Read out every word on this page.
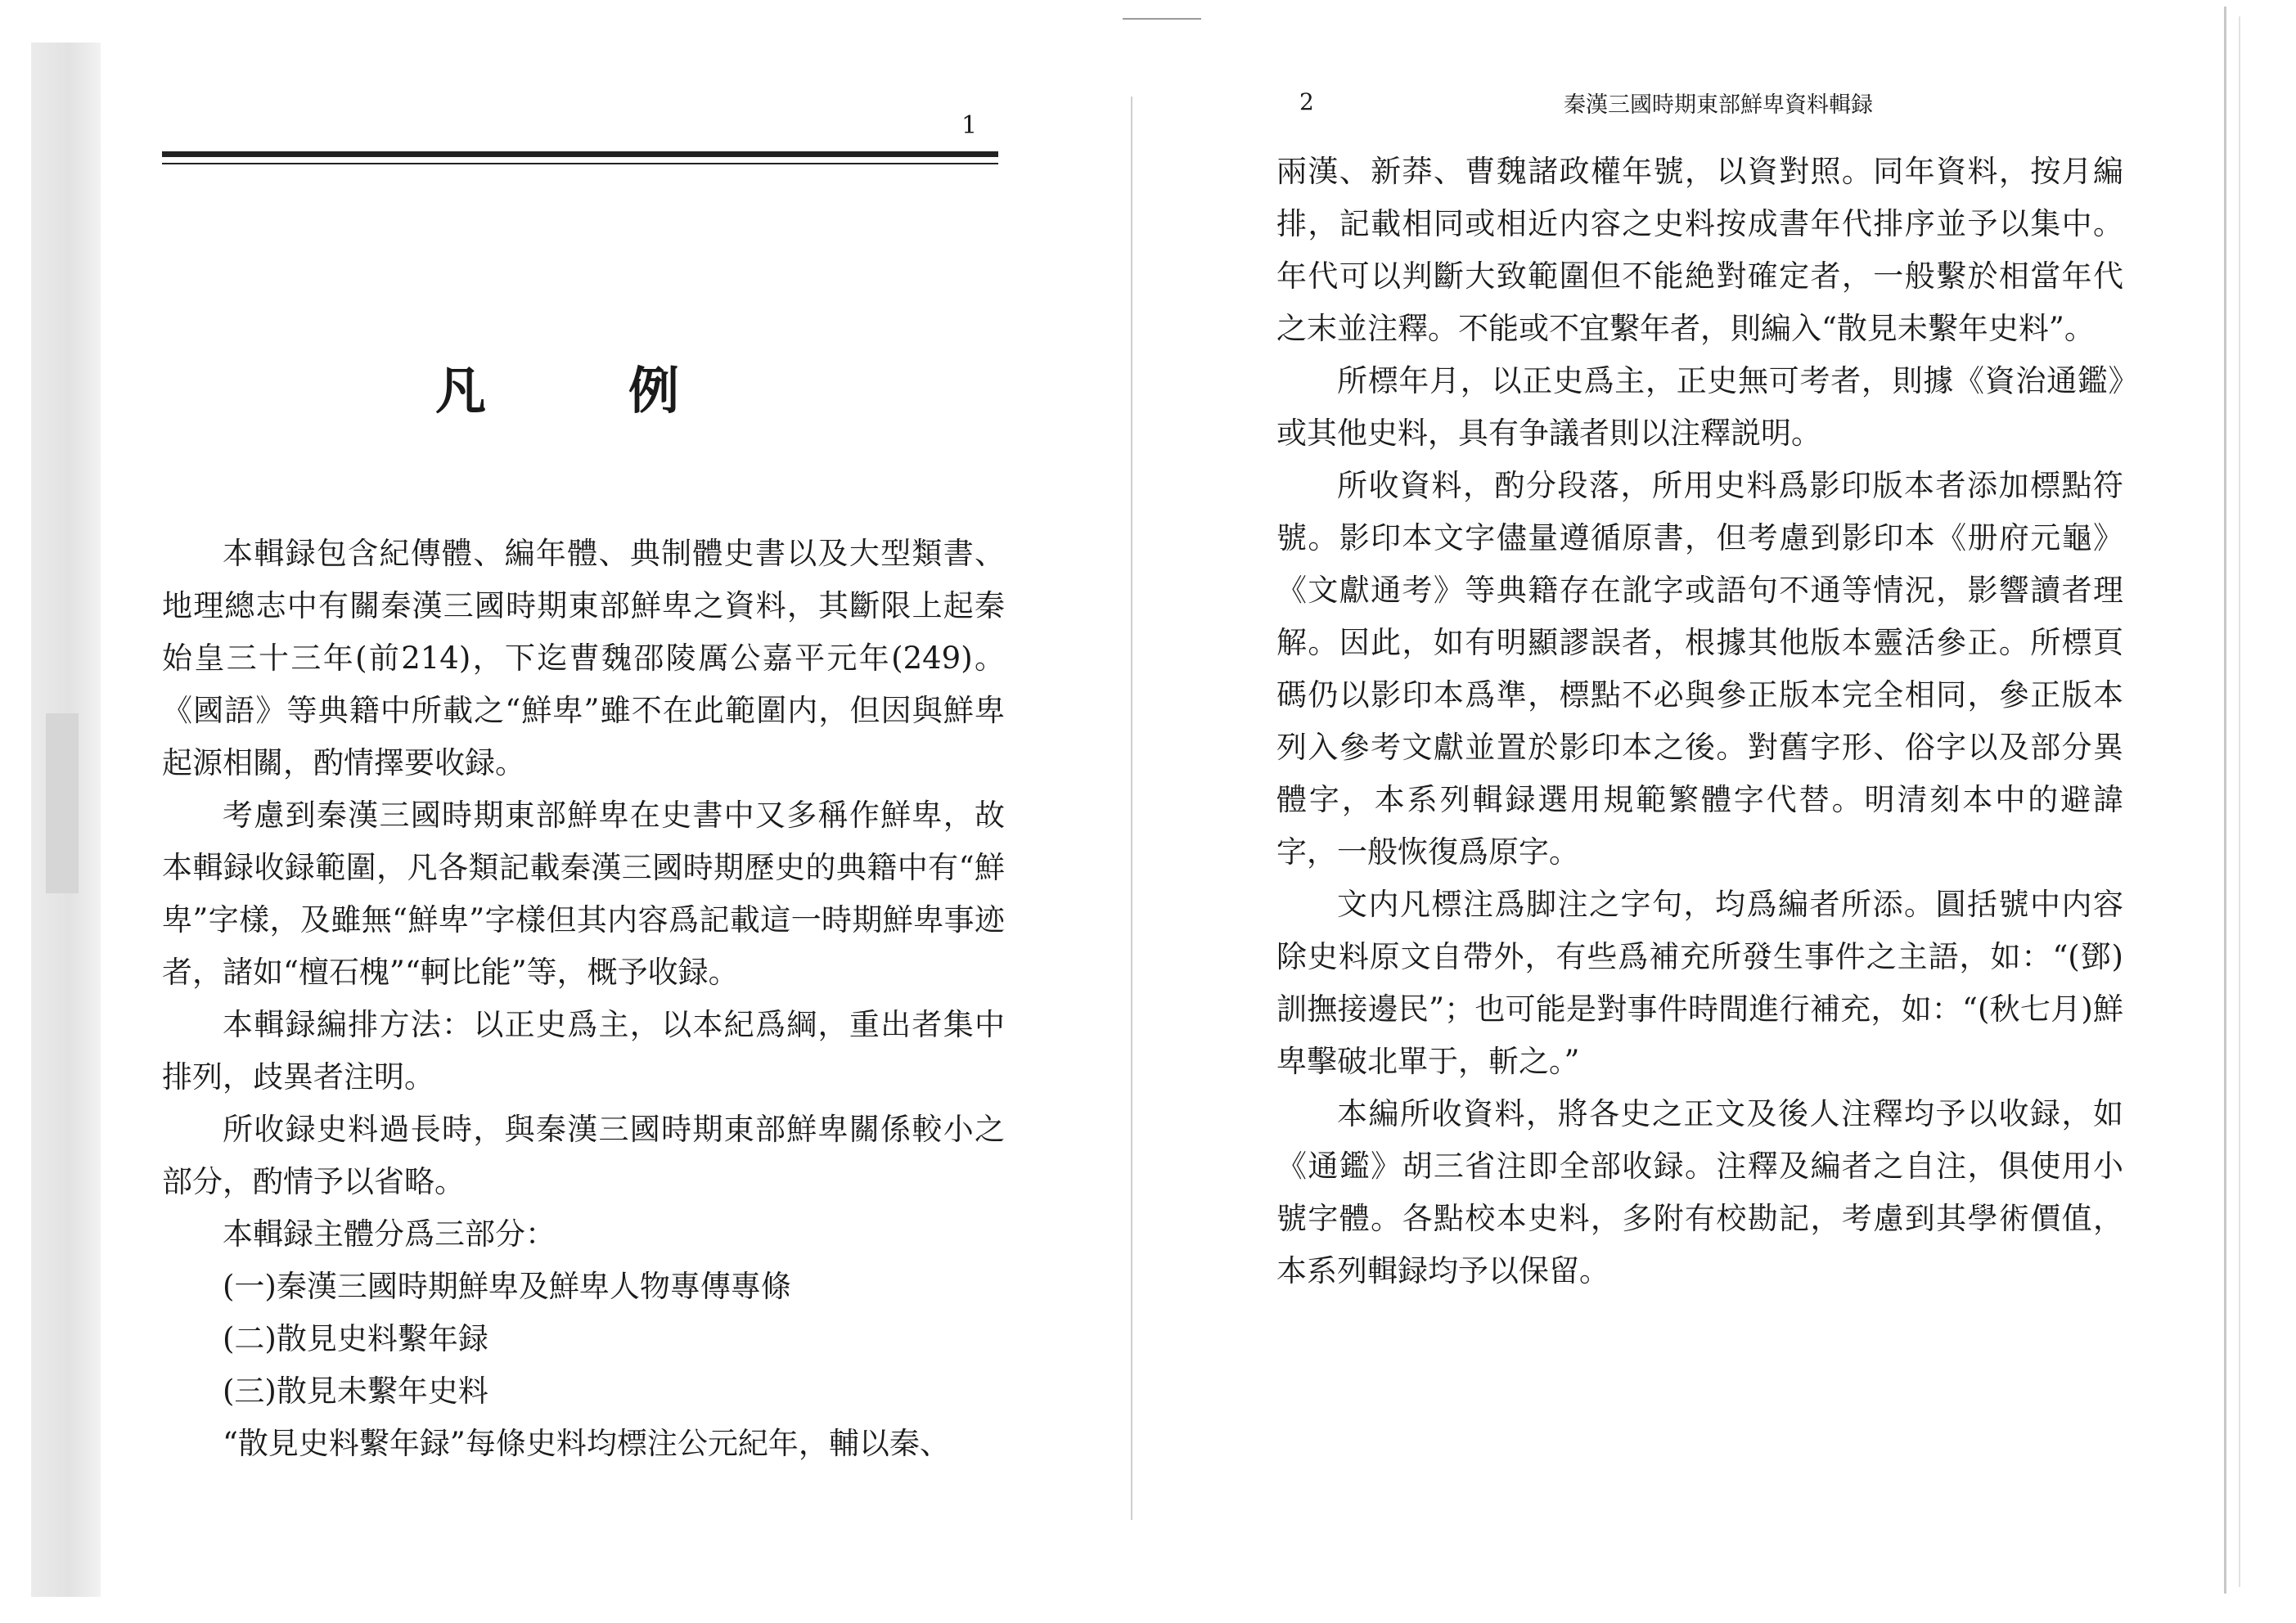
1
凡　例

本輯録包含紀傳體、編年體、典制體史書以及大型類書、地理總志中有關秦漢三國時期東部鮮卑之資料，其斷限上起秦始皇三十三年(前214)，下迄曹魏邵陵厲公嘉平元年(249)。《國語》等典籍中所載之“鮮卑”雖不在此範圍内，但因與鮮卑起源相關，酌情擇要收録。

考慮到秦漢三國時期東部鮮卑在史書中又多稱作鮮卑，故本輯録收録範圍，凡各類記載秦漢三國時期歷史的典籍中有“鮮卑”字樣，及雖無“鮮卑”字樣但其内容爲記載這一時期鮮卑事迹者，諸如“檀石槐”“軻比能”等，概予收録。

本輯録編排方法：以正史爲主，以本紀爲綱，重出者集中排列，歧異者注明。

所收録史料過長時，與秦漢三國時期東部鮮卑關係較小之部分，酌情予以省略。

本輯録主體分爲三部分：

(一)秦漢三國時期鮮卑及鮮卑人物專傳專條

(二)散見史料繫年録

(三)散見未繫年史料

“散見史料繫年録”每條史料均標注公元紀年，輔以秦、

2	秦漢三國時期東部鮮卑資料輯録

兩漢、新莽、曹魏諸政權年號，以資對照。同年資料，按月編排，記載相同或相近内容之史料按成書年代排序並予以集中。年代可以判斷大致範圍但不能絶對確定者，一般繫於相當年代之末並注釋。不能或不宜繫年者，則編入“散見未繫年史料”。

所標年月，以正史爲主，正史無可考者，則據《資治通鑑》或其他史料，具有争議者則以注釋説明。

所收資料，酌分段落，所用史料爲影印版本者添加標點符號。影印本文字儘量遵循原書，但考慮到影印本《册府元龜》《文獻通考》等典籍存在訛字或語句不通等情況，影響讀者理解。因此，如有明顯謬誤者，根據其他版本靈活參正。所標頁碼仍以影印本爲準，標點不必與參正版本完全相同，參正版本列入參考文獻並置於影印本之後。對舊字形、俗字以及部分異體字，本系列輯録選用規範繁體字代替。明清刻本中的避諱字，一般恢復爲原字。

文内凡標注爲脚注之字句，均爲編者所添。圓括號中内容除史料原文自帶外，有些爲補充所發生事件之主語，如：“(鄧)訓撫接邊民”；也可能是對事件時間進行補充，如：“(秋七月)鮮卑擊破北單于，斬之。”

本編所收資料，將各史之正文及後人注釋均予以收録，如《通鑑》胡三省注即全部收録。注釋及編者之自注，俱使用小號字體。各點校本史料，多附有校勘記，考慮到其學術價值，本系列輯録均予以保留。
